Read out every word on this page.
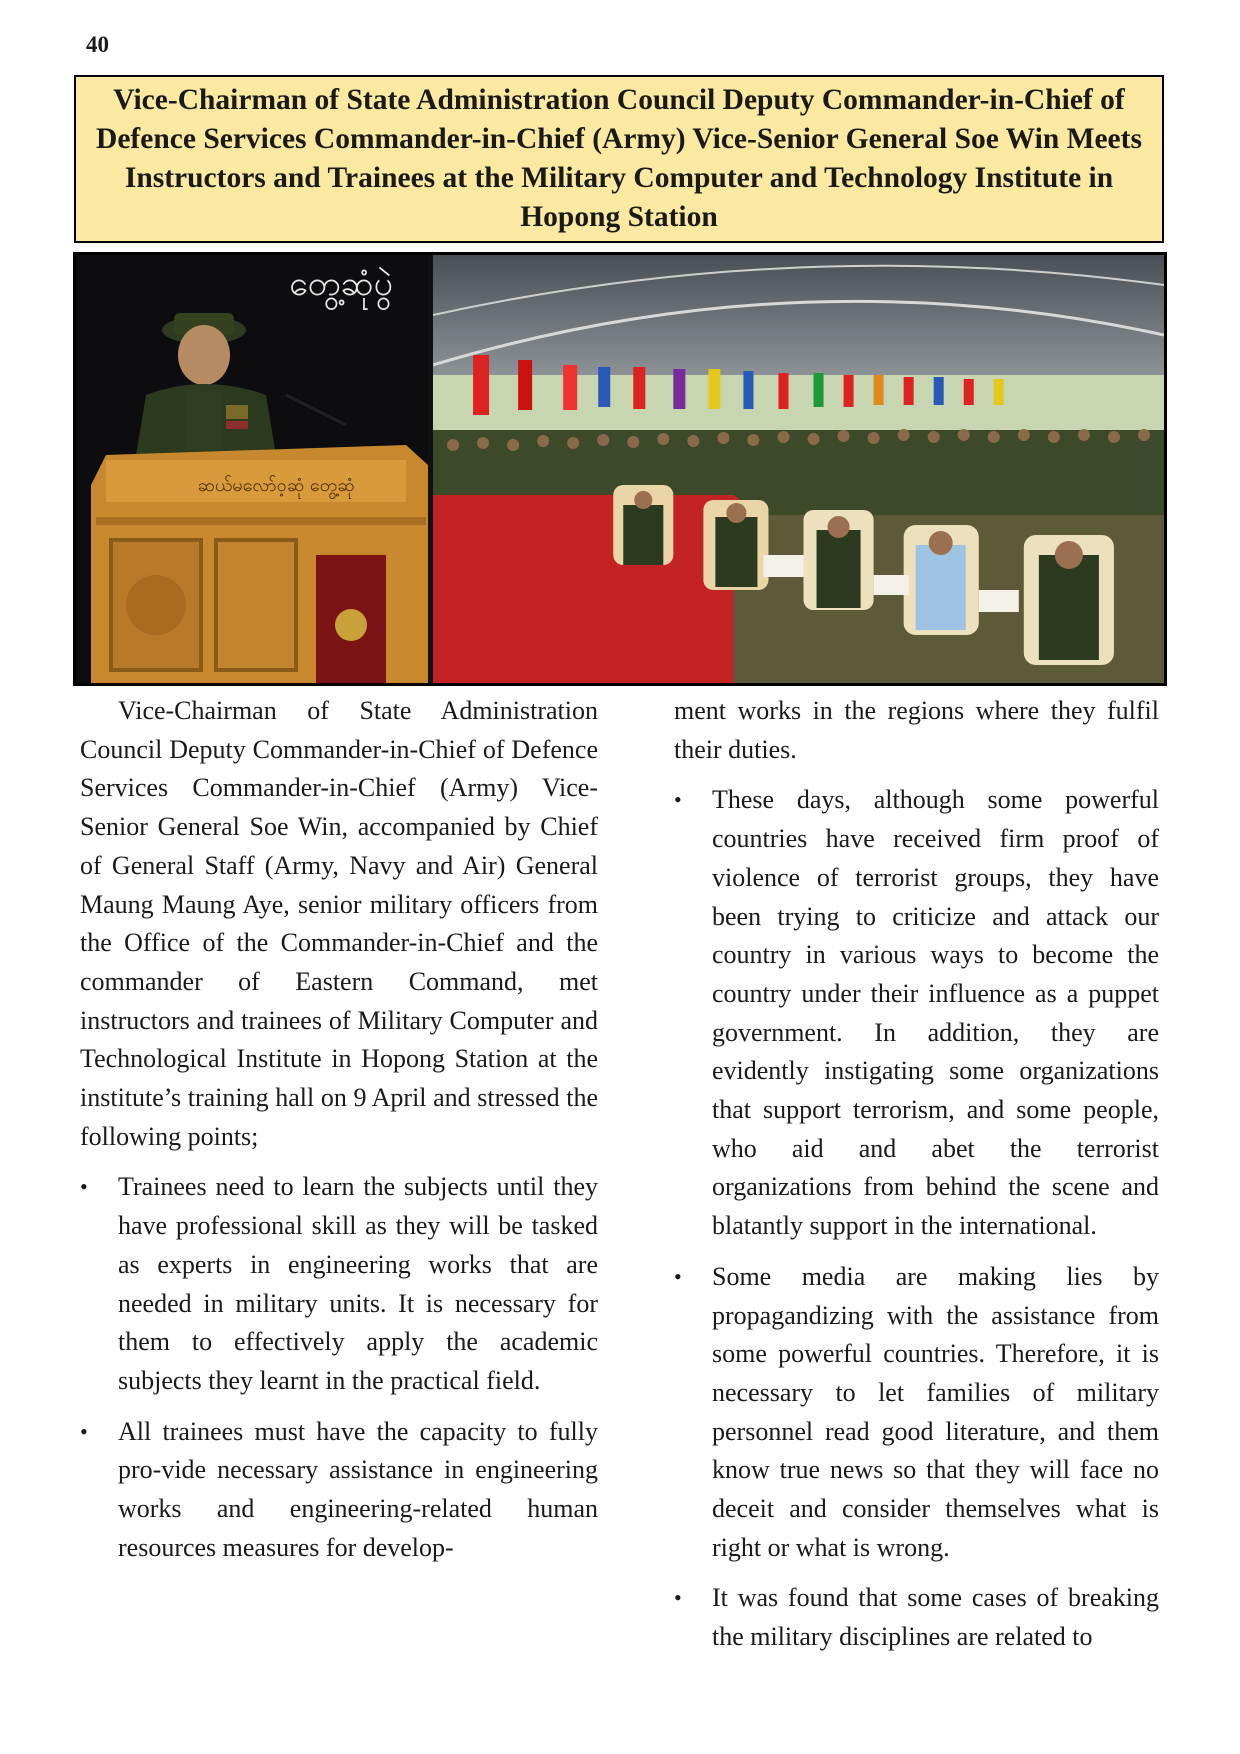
40
Vice-Chairman of State Administration Council Deputy Commander-in-Chief of Defence Services Commander-in-Chief (Army) Vice-Senior General Soe Win Meets Instructors and Trainees at the Military Computer and Technology Institute in Hopong Station
တွေ့ဆုံပွဲ
ဆယ်မလော်ဝ့ဆုံ တွေ့ဆုံ

Vice-Chairman of State Administration Council Deputy Commander-in-Chief of Defence Services Commander-in-Chief (Army) Vice-Senior General Soe Win, accompanied by Chief of General Staff (Army, Navy and Air) General Maung Maung Aye, senior military officers from the Office of the Commander-in-Chief and the commander of Eastern Command, met instructors and trainees of Military Computer and Technological Institute in Hopong Station at the institute’s training hall on 9 April and stressed the following points;

• Trainees need to learn the subjects until they have professional skill as they will be tasked as experts in engineering works that are needed in military units. It is necessary for them to effectively apply the academic subjects they learnt in the practical field.
• All trainees must have the capacity to fully pro-vide necessary assistance in engineering works and engineering-related human resources measures for develop-

ment works in the regions where they fulfil their duties.

• These days, although some powerful countries have received firm proof of violence of terrorist groups, they have been trying to criticize and attack our country in various ways to become the country under their influence as a puppet government. In addition, they are evidently instigating some organizations that support terrorism, and some people, who aid and abet the terrorist organizations from behind the scene and blatantly support in the international.
• Some media are making lies by propagandizing with the assistance from some powerful countries. Therefore, it is necessary to let families of military personnel read good literature, and them know true news so that they will face no deceit and consider themselves what is right or what is wrong.
• It was found that some cases of breaking the military disciplines are related to
